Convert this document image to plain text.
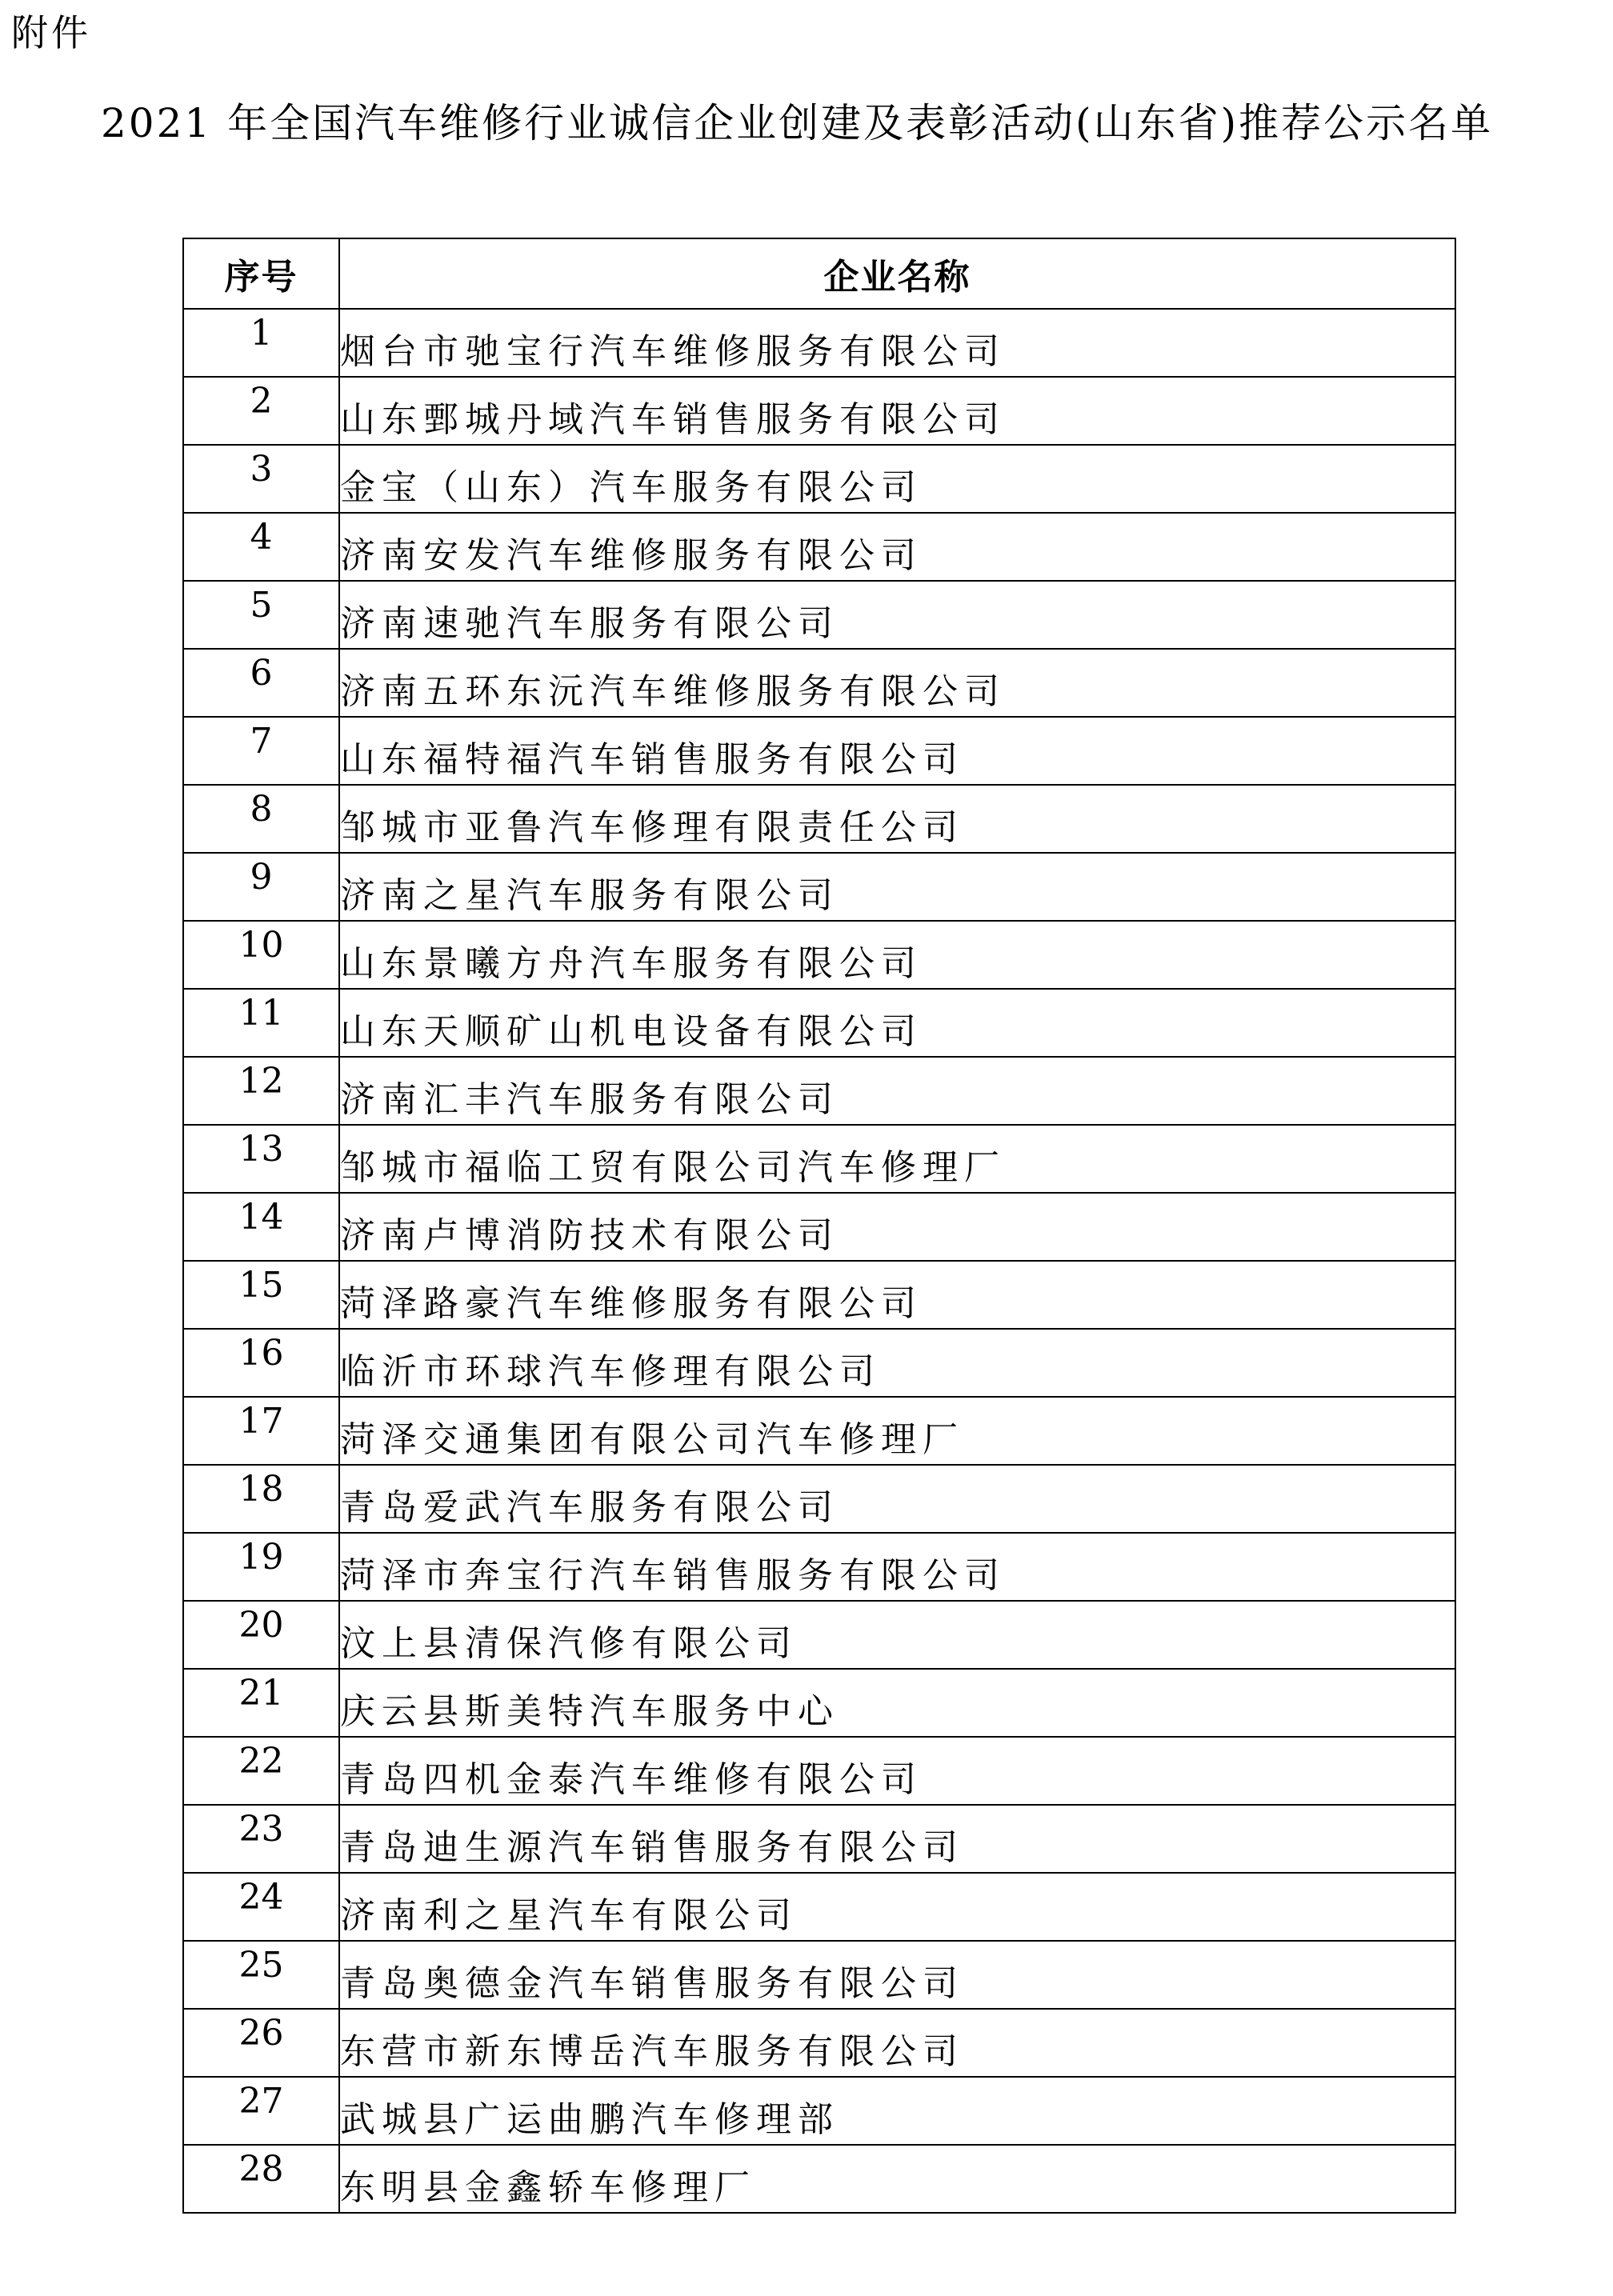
附件
2021 年全国汽车维修行业诚信企业创建及表彰活动(山东省)推荐公示名单
序号	企业名称
1	烟台市驰宝行汽车维修服务有限公司
2	山东鄄城丹域汽车销售服务有限公司
3	金宝（山东）汽车服务有限公司
4	济南安发汽车维修服务有限公司
5	济南速驰汽车服务有限公司
6	济南五环东沅汽车维修服务有限公司
7	山东福特福汽车销售服务有限公司
8	邹城市亚鲁汽车修理有限责任公司
9	济南之星汽车服务有限公司
10	山东景曦方舟汽车服务有限公司
11	山东天顺矿山机电设备有限公司
12	济南汇丰汽车服务有限公司
13	邹城市福临工贸有限公司汽车修理厂
14	济南卢博消防技术有限公司
15	菏泽路豪汽车维修服务有限公司
16	临沂市环球汽车修理有限公司
17	菏泽交通集团有限公司汽车修理厂
18	青岛爱武汽车服务有限公司
19	菏泽市奔宝行汽车销售服务有限公司
20	汶上县清保汽修有限公司
21	庆云县斯美特汽车服务中心
22	青岛四机金泰汽车维修有限公司
23	青岛迪生源汽车销售服务有限公司
24	济南利之星汽车有限公司
25	青岛奥德金汽车销售服务有限公司
26	东营市新东博岳汽车服务有限公司
27	武城县广运曲鹏汽车修理部
28	东明县金鑫轿车修理厂
